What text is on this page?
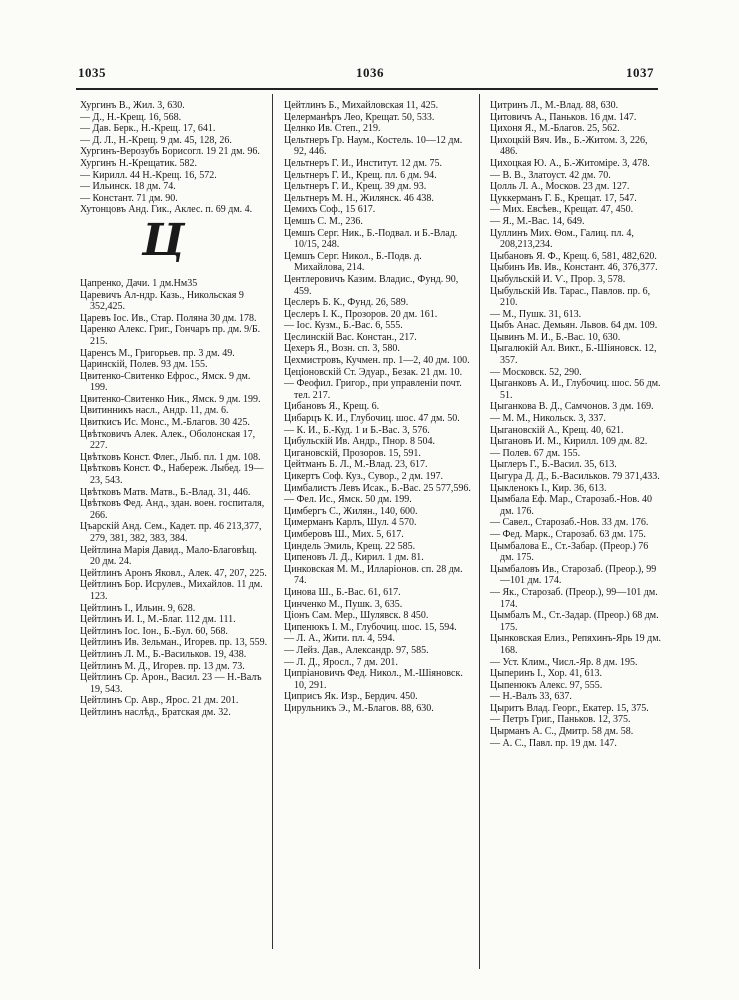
1035	1036	1037

Хургинъ В., Жил. 3, 630.

— Д., Н.-Крещ. 16, 568.

— Дав. Берк., Н.-Крещ. 17, 641.

— Д. Л., Н.-Крещ. 9 дм. 45, 128, 26.

Хургинъ-Верозубъ Борисогл. 19 21 дм. 96.

Хургинъ Н.-Крещатик. 582.

— Кирилл. 44 Н.-Крещ. 16, 572.

— Ильинск. 18 дм. 74.

— Констант. 71 дм. 90.

Хутонцовъ Анд. Гик., Аклес. п. 69 дм. 4.

Ц

Цапренко, Дачи. 1 дм.Нм35

Царевичъ Ал-ндр. Казь., Никольская 9 352,425.

Царевъ Іос. Ив., Стар. Поляна 30 дм. 178.

Царенко Алекс. Григ., Гончаръ пр. дм. 9/Б. 215.

Царенсъ М., Григорьев. пр. 3 дм. 49.

Царинскій, Полев. 93 дм. 155.

Цвитенко-Свитенко Ефрос., Ямск. 9 дм. 199.

Цвитенко-Свитенко Ник., Ямск. 9 дм. 199.

Цвитинникъ насл., Андр. 11, дм. 6.

Цвиткисъ Ис. Монс., М.-Благов. 30 425.

Цвѣтковичъ Алек. Алек., Оболонская 17, 227.

Цвѣтковъ Конст. Флег., Лыб. пл. 1 дм. 108.

Цвѣтковъ Конст. Ф., Набереж. Лыбед. 19—23, 543.

Цвѣтковъ Матв. Матв., Б.-Влад. 31, 446.

Цвѣтковъ Фед. Анд., здан. воен. госпиталя, 266.

Цъарскій Анд. Сем., Кадет. пр. 46 213,377, 279, 381, 382, 383, 384.

Цейтлина Марія Давид., Мало-Благовѣщ. 20 дм. 24.

Цейтлинъ Аронъ Яковл., Алек. 47, 207, 225.

Цейтлинъ Бор. Исрулев., Михайлов. 11 дм. 123.

Цейтлинъ І., Ильин. 9, 628.

Цейтлинъ И. І., М.-Благ. 112 дм. 111.

Цейтлинъ Іос. Іон., Б.-Бул. 60, 568.

Цейтлинъ Ив. Зельман., Игорев. пр. 13, 559.

Цейтлинъ Л. М., Б.-Васильков. 19, 438.

Цейтлинъ М. Д., Игорев. пр. 13 дм. 73.

Цейтлинъ Ср. Арон., Васил. 23 — Н.-Валъ 19, 543.

Цейтлинъ Ср. Авр., Ярос. 21 дм. 201.

Цейтлинъ наслѣд., Братская дм. 32.

Цейтлинъ Б., Михайловская 11, 425.

Целерманѣръ Лео, Крещат. 50, 533.

Целнко Ив. Степ., 219.

Цельтнеръ Гр. Наум., Костель. 10—12 дм. 92, 446.

Цельтнеръ Г. И., Институт. 12 дм. 75.

Цельтнеръ Г. И., Крещ. пл. 6 дм. 94.

Цельтнеръ Г. И., Крещ. 39 дм. 93.

Цельтнеръ М. Н., Жилянск. 46 438.

Цемихъ Соф., 15 617.

Цемшъ С. М., 236.

Цемшъ Серг. Ник., Б.-Подвал. и Б.-Влад. 10/15, 248.

Цемшъ Серг. Никол., Б.-Подв. д. Михайлова, 214.

Центлеровичъ Казим. Владис., Фунд. 90, 459.

Цеслеръ Б. К., Фунд. 26, 589.

Цеслеръ І. К., Прозоров. 20 дм. 161.

— Іос. Кузм., Б.-Вас. 6, 555.

Цеслинскій Вас. Констан., 217.

Цехеръ Я., Возн. сп. 3, 580.

Цехмистровъ, Кучмен. пр. 1—2, 40 дм. 100.

Цеціоновскій Ст. Эдуар., Безак. 21 дм. 10.

— Феофил. Григор., при управленіи почт. тел. 217.

Цибановъ Я., Крещ. 6.

Цибарцъ К. И., Глубочиц. шос. 47 дм. 50.

— К. И., Б.-Куд. 1 и Б.-Вас. 3, 576.

Цибульскій Ив. Андр., Пнор. 8 504.

Цигановскій, Прозоров. 15, 591.

Цейтманъ Б. Л., М.-Влад. 23, 617.

Цикертъ Соф. Куз., Сувор., 2 дм. 197.

Цимбалистъ Левъ Исак., Б.-Вас. 25 577,596.

— Фел. Ис., Ямск. 50 дм. 199.

Цимбергъ С., Жилян., 140, 600.

Цимерманъ Карлъ, Шул. 4 570.

Цимберовъ Ш., Мих. 5, 617.

Циндель Эмиль, Крещ. 22 585.

Ципеновъ Л. Д., Кирил. 1 дм. 81.

Цинковская М. М., Илларіонов. сп. 28 дм. 74.

Цинова Ш., Б.-Вас. 61, 617.

Цинченко М., Пушк. 3, 635.

Ціонъ Сам. Мер., Шулявск. 8 450.

Ципенюкъ І. М., Глубочиц. шос. 15, 594.

— Л. А., Жити. пл. 4, 594.

— Лейз. Дав., Александр. 97, 585.

— Л. Д., Яросл., 7 дм. 201.

Ципріановичъ Фед. Никол., М.-Шіяновск. 10, 291.

Циприсъ Як. Изр., Бердич. 450.

Цирульникъ Э., М.-Благов. 88, 630.

Цитринъ Л., М.-Влад. 88, 630.

Цитовичъ А., Паньков. 16 дм. 147.

Цихоня Я., М.-Благов. 25, 562.

Цихоцкій Вяч. Ив., Б.-Житом. 3, 226, 486.

Цихоцкая Ю. А., Б.-Житоміре. 3, 478.

— В. В., Златоуст. 42 дм. 70.

Цолль Л. А., Москов. 23 дм. 127.

Цуккерманъ Г. Б., Крещат. 17, 547.

— Мих. Евсѣев., Крещат. 47, 450.

— Я., М.-Вас. 14, 649.

Цуллинъ Мих. Ѳом., Галиц. пл. 4, 208,213,234.

Цыбановъ Я. Ф., Крещ. 6, 581, 482,620.

Цыбинъ Ив. Ив., Констант. 46, 376,377.

Цыбульскій И. Ѵ., Прор. 3, 578.

Цыбульскій Ив. Тарас., Павлов. пр. 6, 210.

— М., Пушк. 31, 613.

Цыбъ Анас. Демьян. Львов. 64 дм. 109.

Цывинъ М. И., Б.-Вас. 10, 630.

Цыгалюкій Ал. Викт., Б.-Шіяновск. 12, 357.

— Московск. 52, 290.

Цыганковъ А. И., Глубочиц. шос. 56 дм. 51.

Цыганкова В. Д., Самчонов. 3 дм. 169.

— М. М., Никольск. 3, 337.

Цыгановскій А., Крещ. 40, 621.

Цыгановъ И. М., Кирилл. 109 дм. 82.

— Полев. 67 дм. 155.

Цыглеръ Г., Б.-Васил. 35, 613.

Цыгура Д. Д., Б.-Васильков. 79 371,433.

Цыкленокъ І., Кир. 36, 613.

Цымбала Еф. Мар., Старозаб.-Нов. 40 дм. 176.

— Савел., Старозаб.-Нов. 33 дм. 176.

— Фед. Марк., Старозаб. 63 дм. 175.

Цымбалова Е., Ст.-Забар. (Преор.) 76 дм. 175.

Цымбаловъ Ив., Старозаб. (Преор.), 99—101 дм. 174.

— Як., Старозаб. (Преор.), 99—101 дм. 174.

Цымбалъ М., Ст.-Задар. (Преор.) 68 дм. 175.

Цынковская Елиз., Репяхинъ-Ярь 19 дм. 168.

— Уст. Клим., Числ.-Яр. 8 дм. 195.

Цыперинъ І., Хор. 41, 613.

Цыпенюкъ Алекс. 97, 555.

— Н.-Валъ 33, 637.

Цыритъ Влад. Георг., Екатер. 15, 375.

— Петръ Григ., Паньков. 12, 375.

Цырманъ А. С., Дмитр. 58 дм. 58.

— А. С., Павл. пр. 19 дм. 147.
